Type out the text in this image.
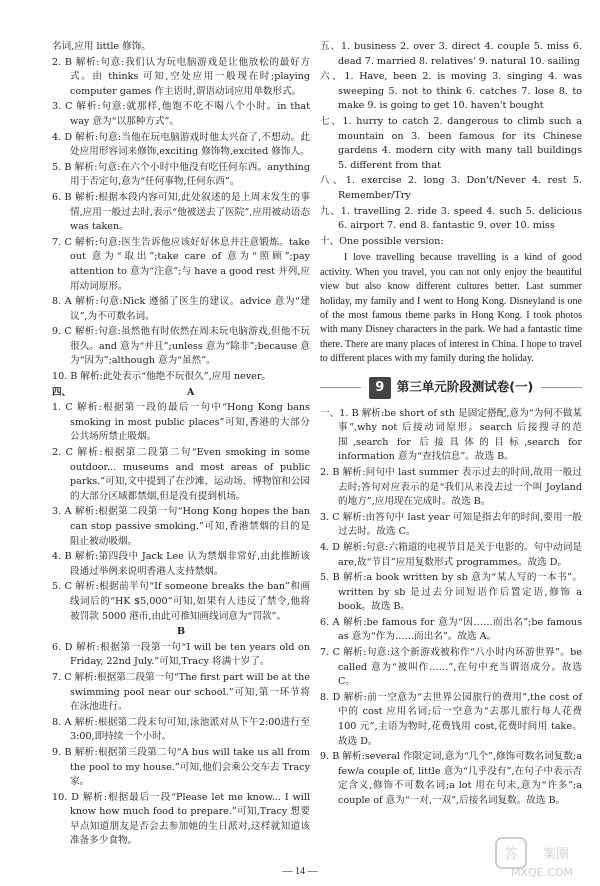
名词,应用 little 修饰。

2. B 解析:句意:我们认为玩电脑游戏是让他放松的最好方式。由 thinks 可知,空处应用一般现在时;playing computer games 作主语时,谓语动词应用单数形式。

3. C 解析:句意:就那样,他饱不吃不喝八个小时。in that way 意为“以那种方式”。

4. D 解析:句意:当他在玩电脑游戏时他太兴奋了,不想动。此处应用形容词来修饰,exciting 修饰物,excited 修饰人。

5. B 解析:句意:在六个小时中他没有吃任何东西。anything 用于否定句,意为“任何事物,任何东西”。

6. B 解析:根据本段内容可知,此处叙述的是上周末发生的事情,应用一般过去时,表示“他被送去了医院”,应用被动语态 was taken。

7. C 解析:句意:医生告诉他应该好好休息并注意锻炼。take out 意为“取出”;take care of 意为“照顾”;pay attention to 意为“注意”;与 have a good rest 并列,应用动词原形。

8. A 解析:句意:Nick 遵循了医生的建议。advice 意为“建议”,为不可数名词。

9. C 解析:句意:虽然他有时依然在周末玩电脑游戏,但他不玩很久。and 意为“并且”;unless 意为“除非”;because 意为“因为”;although 意为“虽然”。

10. B 解析:此处表示“他绝不玩很久”,应用 never。

四、	A

1. C 解析:根据第一段的最后一句中“Hong Kong bans smoking in most public places”可知,香港的大部分公共场所禁止吸烟。

2. C 解析:根据第二段第二句“Even smoking in some outdoor... museums and most areas of public parks.”可知,文中提到了在沙滩、运动场、博物馆和公园的大部分区域都禁烟,但是没有提到机场。

3. A 解析:根据第二段第一句“Hong Kong hopes the ban can stop passive smoking.”可知,香港禁烟的目的是阻止被动吸烟。

4. B 解析:第四段中 Jack Lee 认为禁烟非常好,由此推断该段通过举例来说明香港人支持禁烟。

5. C 解析:根据前半句“If someone breaks the ban”和画线词后的“HK $5,000”可知,如果有人违反了禁令,他将被罚款 5000 港币,由此可推知画线词意为“罚款”。

B

6. D 解析:根据第一段第一句“I will be ten years old on Friday, 22nd July.”可知,Tracy 将满十岁了。

7. C 解析:根据第二段第一句“The first part will be at the swimming pool near our school.”可知,第一环节将在泳池进行。

8. A 解析:根据第二段末句可知,泳池派对从下午2:00进行至3:00,即持续一个小时。

9. B 解析:根据第三段第二句“A bus will take us all from the pool to my house.”可知,他们会乘公交车去 Tracy 家。

10. D 解析:根据最后一段“Please let me know... I will know how much food to prepare.”可知,Tracy 想要早点知道朋友是否会去参加她的生日派对,这样就知道该准备多少食物。

五、1. business 2. over 3. direct 4. couple 5. miss 6. dead 7. married 8. relatives' 9. natural 10. sailing

六、1. Have, been 2. is moving 3. singing 4. was sweeping 5. not to think 6. catches 7. lose 8. to make 9. is going to get 10. haven't bought

七、1. hurry to catch 2. dangerous to climb such a mountain on 3. been famous for its Chinese gardens 4. modern city with many tall buildings 5. different from that

八、1. exercise 2. long 3. Don't/Never 4. rest 5. Remember/Try

九、1. travelling 2. ride 3. speed 4. such 5. delicious 6. airport 7. end 8. fantastic 9. over 10. miss

十、One possible version:

I love travelling because travelling is a kind of good activity. When you travel, you can not only enjoy the beautiful view but also know different cultures better. Last summer holiday, my family and I went to Hong Kong. Disneyland is one of the most famous theme parks in Hong Kong. I took photos with many Disney characters in the park. We had a fantastic time there. There are many places of interest in China. I hope to travel to different places with my family during the holiday.

9 第三单元阶段测试卷(一)

一、1. B 解析:be short of sth 是固定搭配,意为“为何不做某事”,why not 后接动词原形。search 后接搜寻的范围,search for 后接具体的目标,search for information 意为“查找信息”。故选 B。

2. B 解析:问句中 last summer 表示过去的时间,故用一般过去时;答句对应表示的是“我们从来没去过一个叫 Joyland 的地方”,应用现在完成时。故选 B。

3. C 解析:由答句中 last year 可知是指去年的时间,要用一般过去时。故选 C。

4. D 解析:句意:六箱道的电视节目是关于电影的。句中动词是 are,故“节目”应用复数形式 programmes。故选 D。

5. B 解析:a book written by sb 意为“某人写的一本书”。written by sb 是过去分词短语作后置定语,修饰 a book。故选 B。

6. A 解析:be famous for 意为“因……而出名”;be famous as 意为“作为……而出名”。故选 A。

7. C 解析:句意:这个新游戏被称作“八小时内环游世界”。be called 意为“被叫作……”,在句中充当谓语成分。故选 C。

8. D 解析:前一空意为“去世界公园旅行的费用”,the cost of 中的 cost 应用名词;后一空意为“去那儿旅行每人花费 100 元”,主语为物时,花费钱用 cost,花费时间用 take。故选 D。

9. B 解析:several 作限定词,意为“几个”,修饰可数名词复数;a few/a couple of, little 意为“几乎没有”,在句子中表示否定含义,修饰不可数名词;a lot 用在句末,意为“许多”;a couple of 意为“一对,一双”,后接名词复数。故选 B。

— 14 —
答 案圈
MXQE.COM
